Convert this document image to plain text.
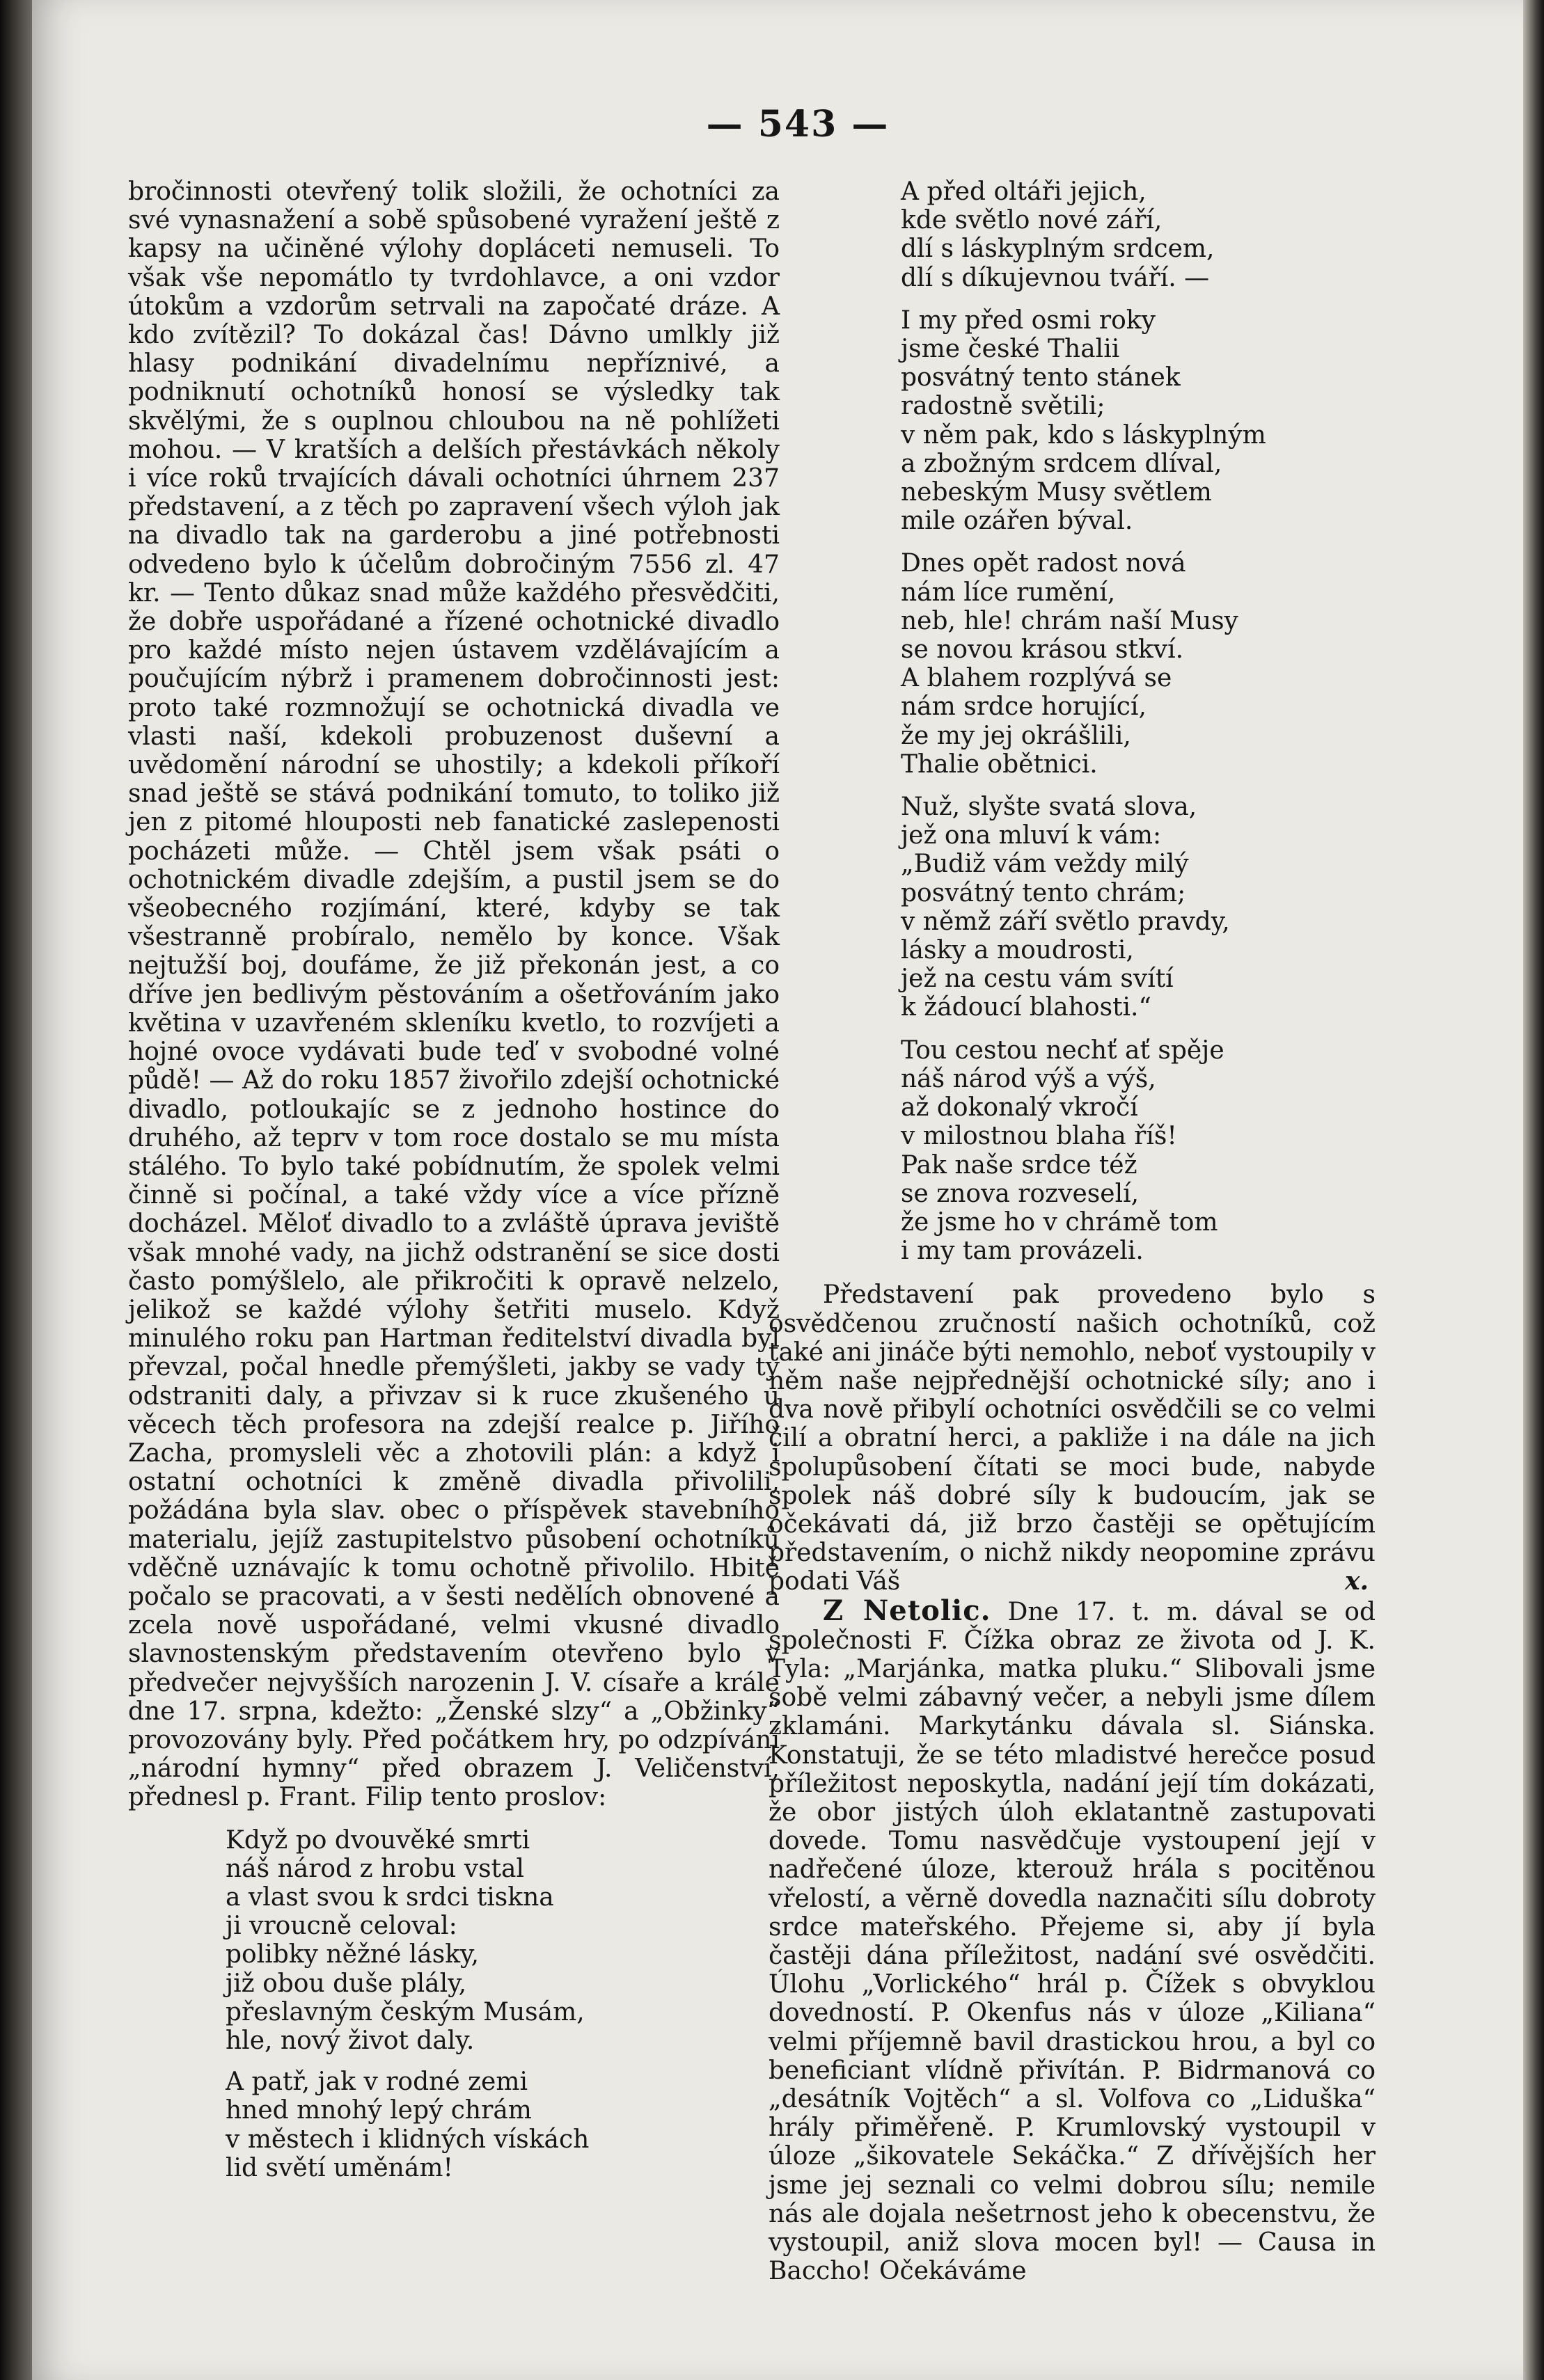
— 543 —

bročinnosti otevřený tolik složili, že ochotníci za své vynasnažení a sobě spůsobené vyražení ještě z kapsy na učiněné výlohy dopláceti nemuseli. To však vše nepomátlo ty tvrdohlavce, a oni vzdor útokům a vzdorům setrvali na započaté dráze. A kdo zvítězil? To dokázal čas! Dávno umlkly již hlasy podnikání divadelnímu nepříznivé, a podniknutí ochotníků honosí se výsledky tak skvělými, že s ouplnou chloubou na ně pohlížeti mohou. — V kratších a delších přestávkách několy i více roků trvajících dávali ochotníci úhrnem 237 představení, a z těch po zapravení všech výloh jak na divadlo tak na garderobu a jiné potřebnosti odvedeno bylo k účelům dobročiným 7556 zl. 47 kr. — Tento důkaz snad může každého přesvědčiti, že dobře uspořádané a řízené ochotnické divadlo pro každé místo nejen ústavem vzdělávajícím a poučujícím nýbrž i pramenem dobročinnosti jest: proto také rozmnožují se ochotnická divadla ve vlasti naší, kdekoli probuzenost duševní a uvědomění národní se uhostily; a kdekoli příkoří snad ještě se stává podnikání tomuto, to toliko již jen z pitomé hlouposti neb fanatické zaslepenosti pocházeti může. — Chtěl jsem však psáti o ochotnickém divadle zdejším, a pustil jsem se do všeobecného rozjímání, které, kdyby se tak všestranně probíralo, nemělo by konce. Však nejtužší boj, doufáme, že již překonán jest, a co dříve jen bedlivým pěstováním a ošetřováním jako květina v uzavřeném skleníku kvetlo, to rozvíjeti a hojné ovoce vydávati bude teď v svobodné volné půdě! — Až do roku 1857 živořilo zdejší ochotnické divadlo, potloukajíc se z jednoho hostince do druhého, až teprv v tom roce dostalo se mu místa stálého. To bylo také pobídnutím, že spolek velmi činně si počínal, a také vždy více a více přízně docházel. Měloť divadlo to a zvláště úprava jeviště však mnohé vady, na jichž odstranění se sice dosti často pomýšlelo, ale přikročiti k opravě nelzelo, jelikož se každé výlohy šetřiti muselo. Když minulého roku pan Hartman ředitelství divadla byl převzal, počal hnedle přemýšleti, jakby se vady ty odstraniti daly, a přivzav si k ruce zkušeného u věcech těch profesora na zdejší realce p. Jiřího Zacha, promysleli věc a zhotovili plán: a když i ostatní ochotníci k změně divadla přivolili, požádána byla slav. obec o příspěvek stavebního materialu, jejíž zastupitelstvo působení ochotníků vděčně uznávajíc k tomu ochotně přivolilo. Hbitě počalo se pracovati, a v šesti nedělích obnovené a zcela nově uspořádané, velmi vkusné divadlo slavnostenským představením otevřeno bylo v předvečer nejvyšších narozenin J. V. císaře a krále dne 17. srpna, kdežto: „Ženské slzy“ a „Obžinky“ provozovány byly. Před počátkem hry, po odzpívání „národní hymny“ před obrazem J. Veličenství, přednesl p. Frant. Filip tento proslov:

Když po dvouvěké smrti
náš národ z hrobu vstal
a vlast svou k srdci tiskna
ji vroucně celoval:
polibky něžné lásky,
již obou duše plály,
přeslavným českým Musám,
hle, nový život daly.

A patř, jak v rodné zemi
hned mnohý lepý chrám
v městech i klidných vískách
lid světí uměnám!

A před oltáři jejich,
kde světlo nové září,
dlí s láskyplným srdcem,
dlí s díkujevnou tváří. —

I my před osmi roky
jsme české Thalii
posvátný tento stánek
radostně světili;
v něm pak, kdo s láskyplným
a zbožným srdcem dlíval,
nebeským Musy světlem
mile ozářen býval.

Dnes opět radost nová
nám líce rumění,
neb, hle! chrám naší Musy
se novou krásou stkví.
A blahem rozplývá se
nám srdce horující,
že my jej okrášlili,
Thalie obětnici.

Nuž, slyšte svatá slova,
jež ona mluví k vám:
„Budiž vám veždy milý
posvátný tento chrám;
v němž září světlo pravdy,
lásky a moudrosti,
jež na cestu vám svítí
k žádoucí blahosti.“

Tou cestou nechť ať spěje
náš národ výš a výš,
až dokonalý vkročí
v milostnou blaha říš!
Pak naše srdce též
se znova rozveselí,
že jsme ho v chrámě tom
i my tam provázeli.

Představení pak provedeno bylo s osvědčenou zručností našich ochotníků, což také ani jináče býti nemohlo, neboť vystoupily v něm naše nejpřednější ochotnické síly; ano i dva nově přibylí ochotníci osvědčili se co velmi čilí a obratní herci, a pakliže i na dále na jich spolupůsobení čítati se moci bude, nabyde spolek náš dobré síly k budoucím, jak se očekávati dá, již brzo častěji se opětujícím představením, o nichž nikdy neopomine zprávu podati Váš	x.

Z Netolic. Dne 17. t. m. dával se od společnosti F. Čížka obraz ze života od J. K. Tyla: „Marjánka, matka pluku.“ Slibovali jsme sobě velmi zábavný večer, a nebyli jsme dílem zklamáni. Markytánku dávala sl. Siánska. Konstatuji, že se této mladistvé herečce posud příležitost neposkytla, nadání její tím dokázati, že obor jistých úloh eklatantně zastupovati dovede. Tomu nasvědčuje vystoupení její v nadřečené úloze, kterouž hrála s pocitěnou vřelostí, a věrně dovedla naznačiti sílu dobroty srdce mateřského. Přejeme si, aby jí byla častěji dána příležitost, nadání své osvědčiti. Úlohu „Vorlického“ hrál p. Čížek s obvyklou dovedností. P. Okenfus nás v úloze „Kiliana“ velmi příjemně bavil drastickou hrou, a byl co beneficiant vlídně přivítán. P. Bidrmanová co „desátník Vojtěch“ a sl. Volfova co „Liduška“ hrály přiměřeně. P. Krumlovský vystoupil v úloze „šikovatele Sekáčka.“ Z dřívějších her jsme jej seznali co velmi dobrou sílu; nemile nás ale dojala nešetrnost jeho k obecenstvu, že vystoupil, aniž slova mocen byl! — Causa in Baccho! Očekáváme
